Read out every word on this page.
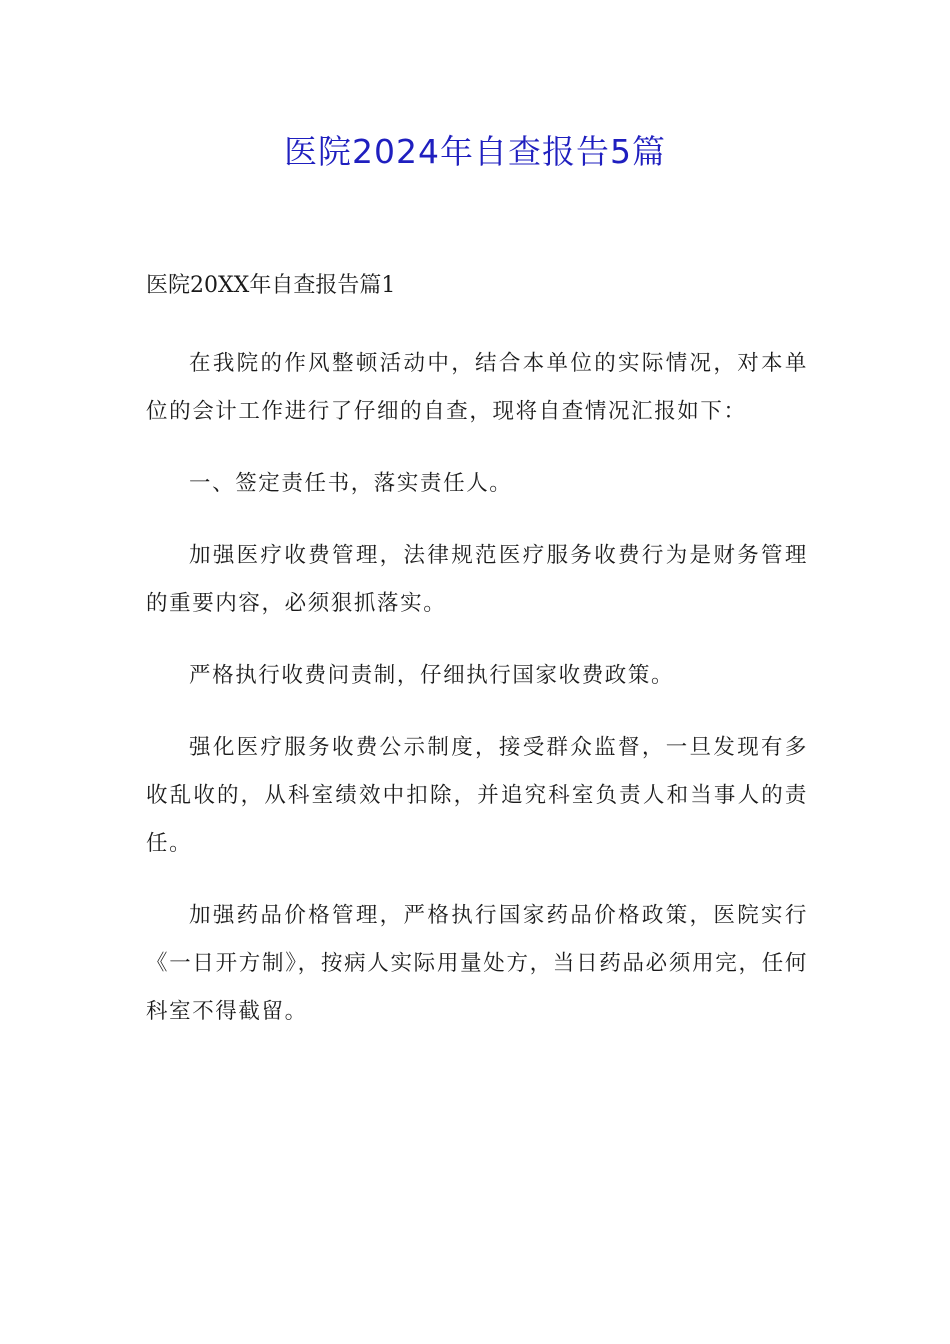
医院2024年自查报告5篇
医院20XX年自查报告篇1

在我院的作风整顿活动中，结合本单位的实际情况，对本单位的会计工作进行了仔细的自查，现将自查情况汇报如下：

一、签定责任书，落实责任人。

加强医疗收费管理，法律规范医疗服务收费行为是财务管理的重要内容，必须狠抓落实。

严格执行收费问责制，仔细执行国家收费政策。

强化医疗服务收费公示制度，接受群众监督，一旦发现有多收乱收的，从科室绩效中扣除，并追究科室负责人和当事人的责任。

加强药品价格管理，严格执行国家药品价格政策，医院实行《一日开方制》，按病人实际用量处方，当日药品必须用完，任何科室不得截留。
